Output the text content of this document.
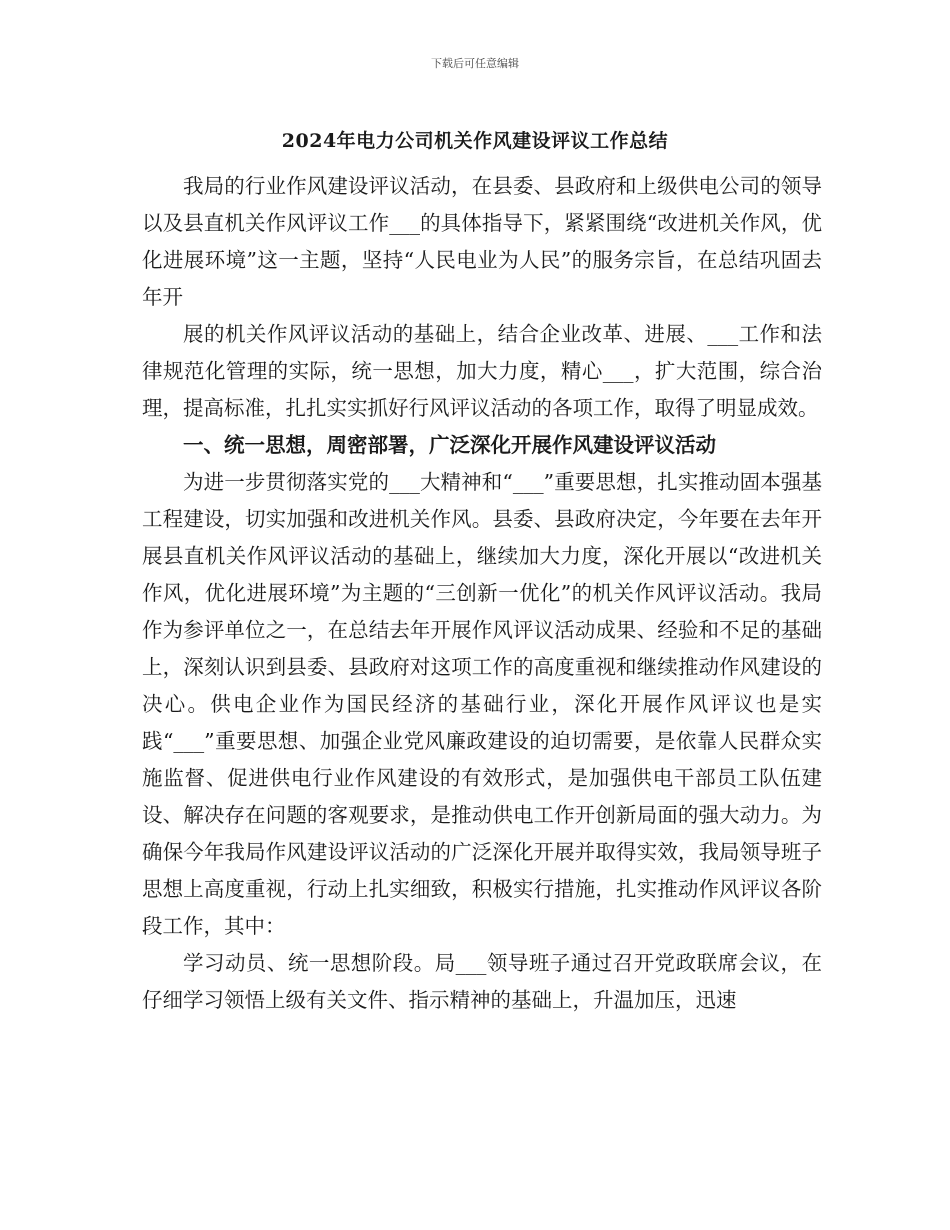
下载后可任意编辑
2024年电力公司机关作风建设评议工作总结

我局的行业作风建设评议活动，在县委、县政府和上级供电公司的领导以及县直机关作风评议工作___的具体指导下，紧紧围绕“改进机关作风，优化进展环境”这一主题，坚持“人民电业为人民”的服务宗旨，在总结巩固去年开

展的机关作风评议活动的基础上，结合企业改革、进展、___工作和法律规范化管理的实际，统一思想，加大力度，精心___，扩大范围，综合治理，提高标准，扎扎实实抓好行风评议活动的各项工作，取得了明显成效。

一、统一思想，周密部署，广泛深化开展作风建设评议活动

为进一步贯彻落实党的___大精神和“___”重要思想，扎实推动固本强基工程建设，切实加强和改进机关作风。县委、县政府决定，今年要在去年开展县直机关作风评议活动的基础上，继续加大力度，深化开展以“改进机关作风，优化进展环境”为主题的“三创新一优化”的机关作风评议活动。我局作为参评单位之一，在总结去年开展作风评议活动成果、经验和不足的基础上，深刻认识到县委、县政府对这项工作的高度重视和继续推动作风建设的决心。供电企业作为国民经济的基础行业，深化开展作风评议也是实践“___”重要思想、加强企业党风廉政建设的迫切需要，是依靠人民群众实施监督、促进供电行业作风建设的有效形式，是加强供电干部员工队伍建设、解决存在问题的客观要求，是推动供电工作开创新局面的强大动力。为确保今年我局作风建设评议活动的广泛深化开展并取得实效，我局领导班子思想上高度重视，行动上扎实细致，积极实行措施，扎实推动作风评议各阶段工作，其中：

学习动员、统一思想阶段。局___领导班子通过召开党政联席会议，在仔细学习领悟上级有关文件、指示精神的基础上，升温加压，迅速
